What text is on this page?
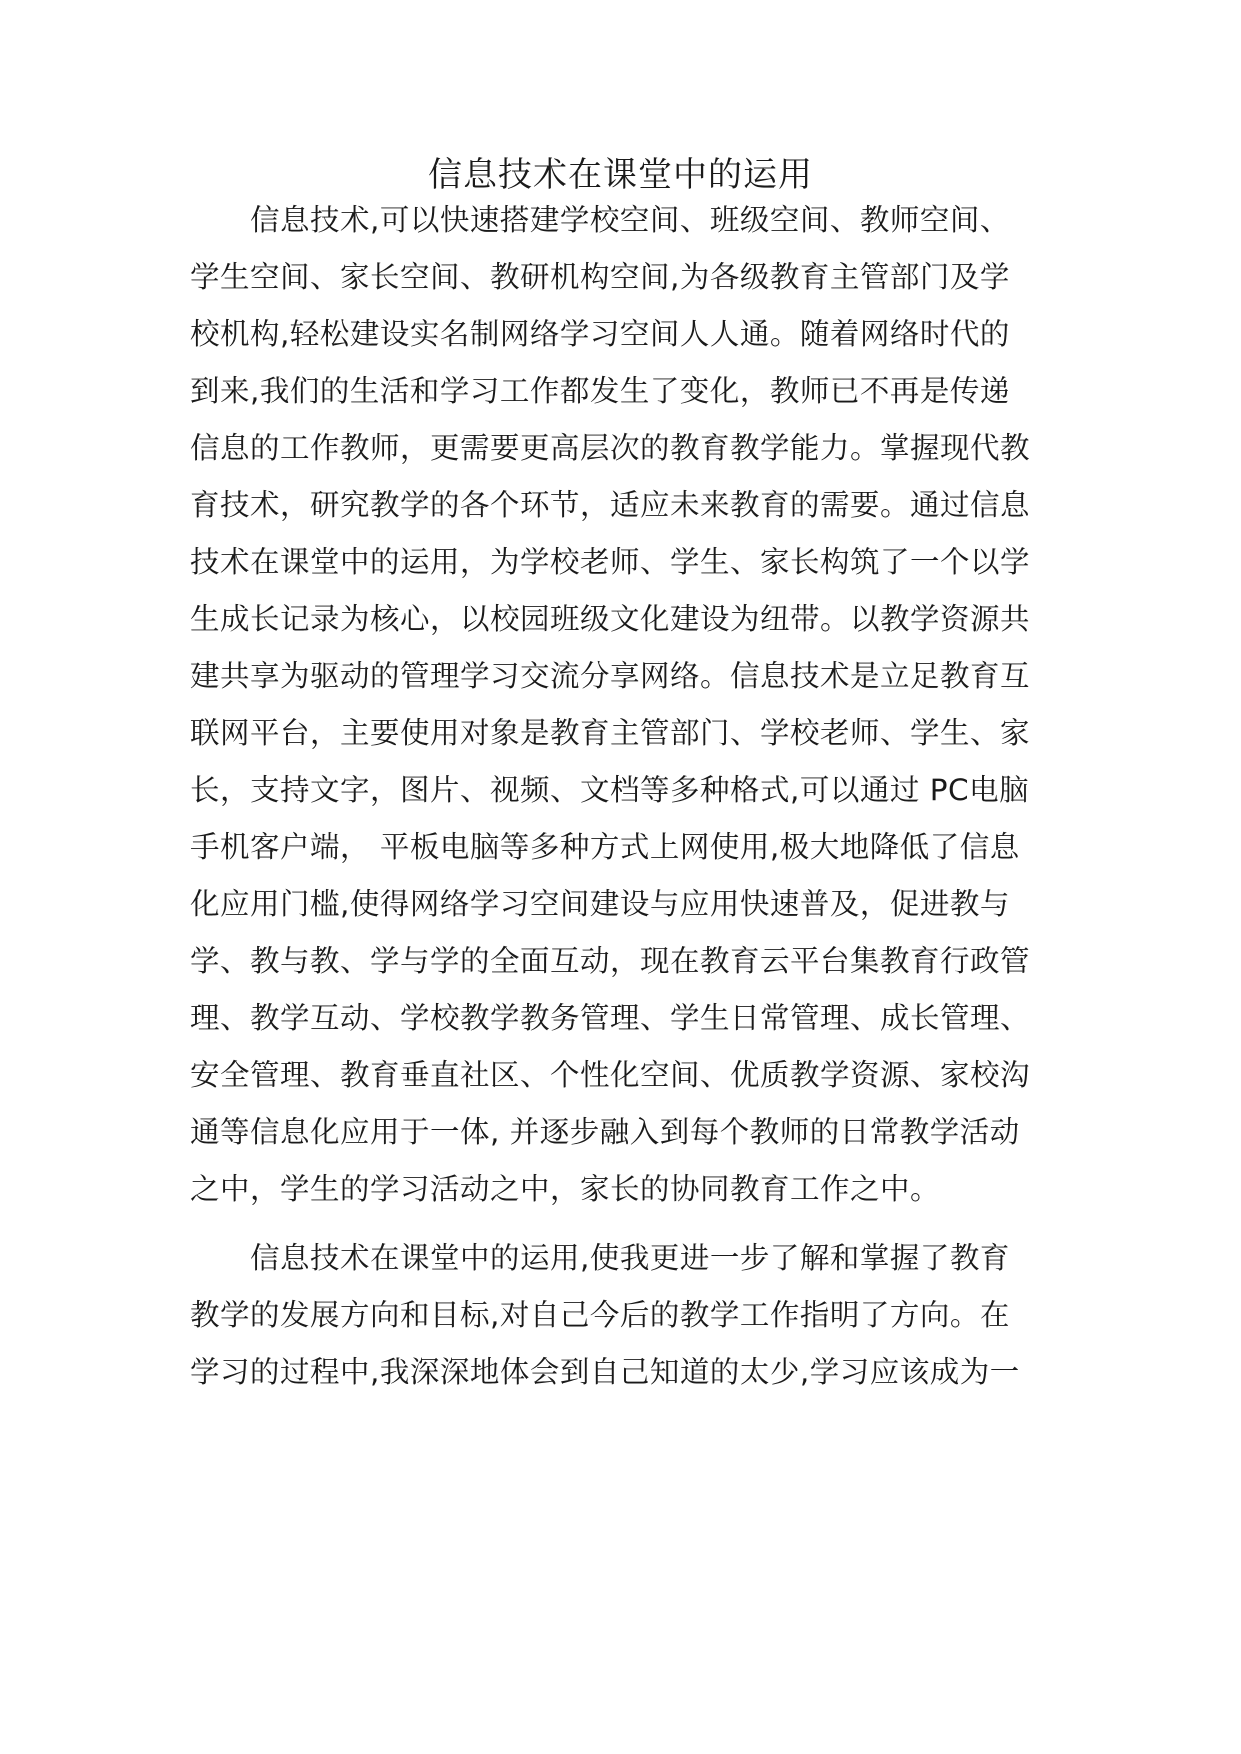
信息技术在课堂中的运用
　　信息技术,可以快速搭建学校空间、班级空间、教师空间、
学生空间、家长空间、教研机构空间,为各级教育主管部门及学
校机构,轻松建设实名制网络学习空间人人通。随着网络时代的
到来,我们的生活和学习工作都发生了变化，教师已不再是传递
信息的工作教师，更需要更高层次的教育教学能力。掌握现代教
育技术，研究教学的各个环节，适应未来教育的需要。通过信息
技术在课堂中的运用，为学校老师、学生、家长构筑了一个以学
生成长记录为核心，以校园班级文化建设为纽带。以教学资源共
建共享为驱动的管理学习交流分享网络。信息技术是立足教育互
联网平台，主要使用对象是教育主管部门、学校老师、学生、家
长，支持文字，图片、视频、文档等多种格式,可以通过 PC电脑
手机客户端， 平板电脑等多种方式上网使用,极大地降低了信息
化应用门槛,使得网络学习空间建设与应用快速普及，促进教与
学、教与教、学与学的全面互动，现在教育云平台集教育行政管
理、教学互动、学校教学教务管理、学生日常管理、成长管理、
安全管理、教育垂直社区、个性化空间、优质教学资源、家校沟
通等信息化应用于一体, 并逐步融入到每个教师的日常教学活动
之中，学生的学习活动之中，家长的协同教育工作之中。
　　信息技术在课堂中的运用,使我更进一步了解和掌握了教育
教学的发展方向和目标,对自己今后的教学工作指明了方向。在
学习的过程中,我深深地体会到自己知道的太少,学习应该成为一
